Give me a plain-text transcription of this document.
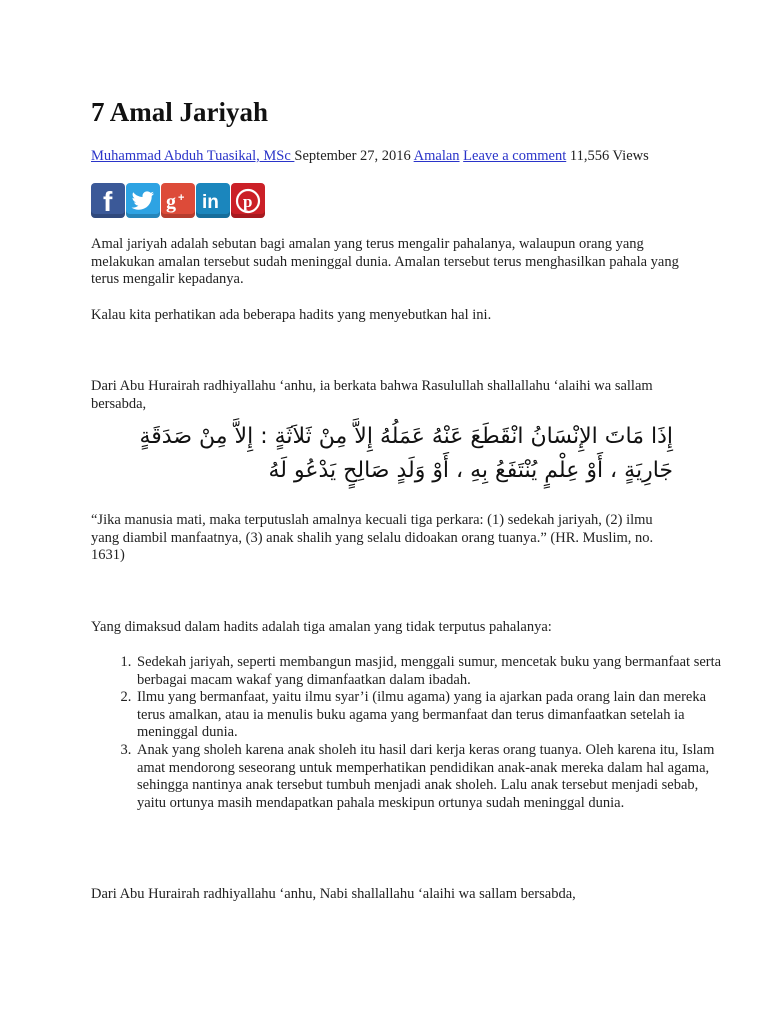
7 Amal Jariyah
Muhammad Abduh Tuasikal, MSc September 27, 2016 Amalan Leave a comment 11,556 Views
f	g + in p

Amal jariyah adalah sebutan bagi amalan yang terus mengalir pahalanya, walaupun orang yang melakukan amalan tersebut sudah meninggal dunia. Amalan tersebut terus menghasilkan pahala yang terus mengalir kepadanya.

Kalau kita perhatikan ada beberapa hadits yang menyebutkan hal ini.

Dari Abu Hurairah radhiyallahu ‘anhu, ia berkata bahwa Rasulullah shallallahu ‘alaihi wa sallam bersabda,

إِذَا مَاتَ الإِنْسَانُ انْقَطَعَ عَنْهُ عَمَلُهُ إِلاَّ مِنْ ثَلاَثَةٍ : إِلاَّ مِنْ صَدَقَةٍ جَارِيَةٍ ، أَوْ عِلْمٍ يُنْتَفَعُ بِهِ ، أَوْ وَلَدٍ صَالِحٍ يَدْعُو لَهُ

“Jika manusia mati, maka terputuslah amalnya kecuali tiga perkara: (1) sedekah jariyah, (2) ilmu yang diambil manfaatnya, (3) anak shalih yang selalu didoakan orang tuanya.” (HR. Muslim, no. 1631)

Yang dimaksud dalam hadits adalah tiga amalan yang tidak terputus pahalanya:

1. Sedekah jariyah, seperti membangun masjid, menggali sumur, mencetak buku yang bermanfaat serta berbagai macam wakaf yang dimanfaatkan dalam ibadah.
2. Ilmu yang bermanfaat, yaitu ilmu syar’i (ilmu agama) yang ia ajarkan pada orang lain dan mereka terus amalkan, atau ia menulis buku agama yang bermanfaat dan terus dimanfaatkan setelah ia meninggal dunia.
3. Anak yang sholeh karena anak sholeh itu hasil dari kerja keras orang tuanya. Oleh karena itu, Islam amat mendorong seseorang untuk memperhatikan pendidikan anak-anak mereka dalam hal agama, sehingga nantinya anak tersebut tumbuh menjadi anak sholeh. Lalu anak tersebut menjadi sebab, yaitu ortunya masih mendapatkan pahala meskipun ortunya sudah meninggal dunia.

Dari Abu Hurairah radhiyallahu ‘anhu, Nabi shallallahu ‘alaihi wa sallam bersabda,
